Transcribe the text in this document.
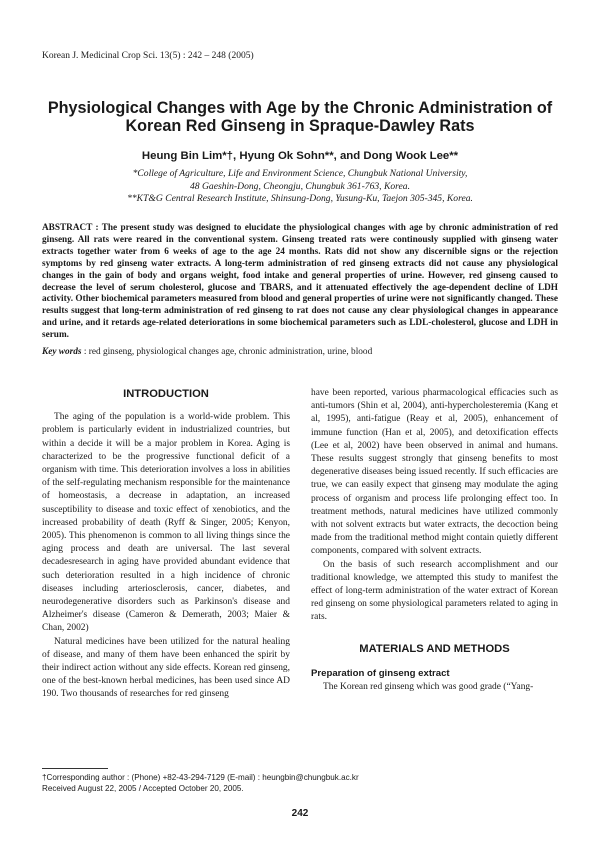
Korean J. Medicinal Crop Sci. 13(5) : 242 – 248 (2005)
Physiological Changes with Age by the Chronic Administration of
Korean Red Ginseng in Spraque-Dawley Rats
Heung Bin Lim*†, Hyung Ok Sohn**, and Dong Wook Lee**
*College of Agriculture, Life and Environment Science, Chungbuk National University,
48 Gaeshin-Dong, Cheongju, Chungbuk 361-763, Korea.
**KT&G Central Research Institute, Shinsung-Dong, Yusung-Ku, Taejon 305-345, Korea.
ABSTRACT : The present study was designed to elucidate the physiological changes with age by chronic administration of red ginseng. All rats were reared in the conventional system. Ginseng treated rats were continously supplied with ginseng water extracts together water from 6 weeks of age to the age 24 months. Rats did not show any discernible signs or the rejection symptoms by red ginseng water extracts. A long-term administration of red ginseng extracts did not cause any physiological changes in the gain of body and organs weight, food intake and general properties of urine. However, red ginseng caused to decrease the level of serum cholesterol, glucose and TBARS, and it attenuated effectively the age-dependent decline of LDH activity. Other biochemical parameters measured from blood and general properties of urine were not significantly changed. These results suggest that long-term administration of red ginseng to rat does not cause any clear physiological changes in appearance and urine, and it retards age-related deteriorations in some biochemical parameters such as LDL-cholesterol, glucose and LDH in serum.
Key words : red ginseng, physiological changes age, chronic administration, urine, blood
INTRODUCTION

The aging of the population is a world-wide problem. This problem is particularly evident in industrialized countries, but within a decide it will be a major problem in Korea. Aging is characterized to be the progressive functional deficit of a organism with time. This deterioration involves a loss in abilities of the self-regulating mechanism responsible for the maintenance of homeostasis, a decrease in adaptation, an increased susceptibility to disease and toxic effect of xenobiotics, and the increased probability of death (Ryff & Singer, 2005; Kenyon, 2005). This phenomenon is common to all living things since the aging process and death are universal. The last several decadesresearch in aging have provided abundant evidence that such deterioration resulted in a high incidence of chronic diseases including arteriosclerosis, cancer, diabetes, and neurodegenerative disorders such as Parkinson's disease and Alzheimer's disease (Cameron & Demerath, 2003; Maier & Chan, 2002)

Natural medicines have been utilized for the natural healing of disease, and many of them have been enhanced the spirit by their indirect action without any side effects. Korean red ginseng, one of the best-known herbal medicines, has been used since AD 190. Two thousands of researches for red ginseng

have been reported, various pharmacological efficacies such as anti-tumors (Shin et al, 2004), anti-hypercholesteremia (Kang et al, 1995), anti-fatigue (Reay et al, 2005), enhancement of immune function (Han et al, 2005), and detoxification effects (Lee et al, 2002) have been observed in animal and humans. These results suggest strongly that ginseng benefits to most degenerative diseases being issued recently. If such efficacies are true, we can easily expect that ginseng may modulate the aging process of organism and process life prolonging effect too. In treatment methods, natural medicines have utilized commonly with not solvent extracts but water extracts, the decoction being made from the traditional method might contain quietly different components, compared with solvent extracts.

On the basis of such research accomplishment and our traditional knowledge, we attempted this study to manifest the effect of long-term administration of the water extract of Korean red ginseng on some physiological parameters related to aging in rats.

MATERIALS AND METHODS
Preparation of ginseng extract

The Korean red ginseng which was good grade (“Yang-

†Corresponding author : (Phone) +82-43-294-7129 (E-mail) : heungbin@chungbuk.ac.kr
Received August 22, 2005 / Accepted October 20, 2005.
242
